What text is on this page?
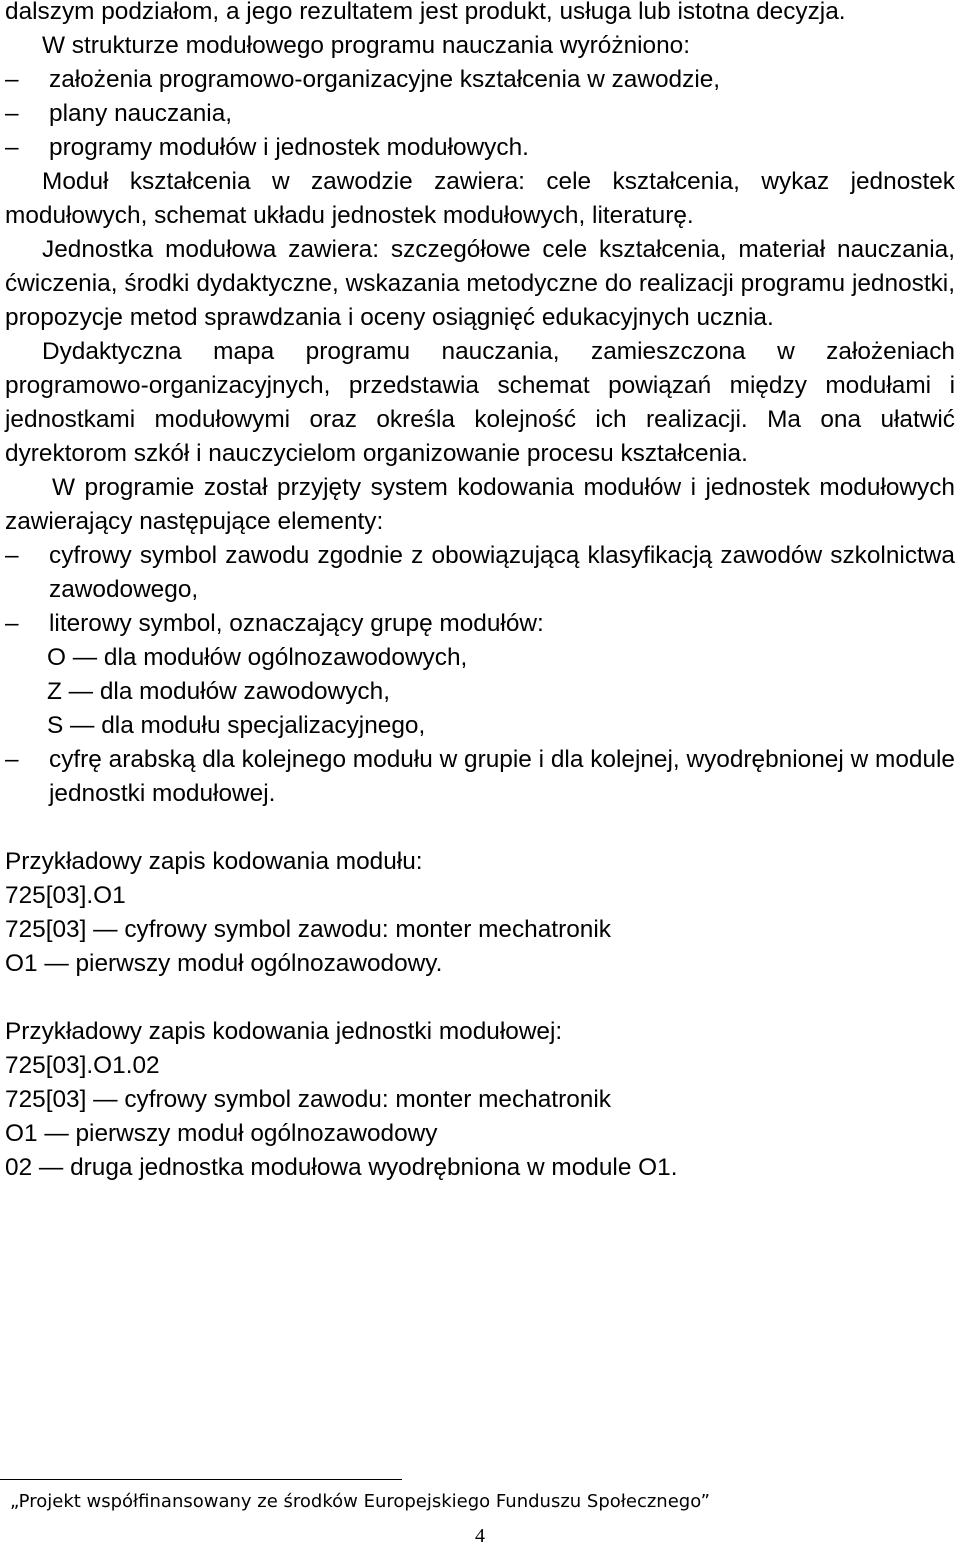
dalszym podziałom, a jego rezultatem jest produkt, usługa lub istotna decyzja.

W strukturze modułowego programu nauczania wyróżniono:

–	założenia programowo-organizacyjne kształcenia w zawodzie,
–	plany nauczania,
–	programy modułów i jednostek modułowych.

Moduł kształcenia w zawodzie zawiera: cele kształcenia, wykaz jednostek modułowych, schemat układu jednostek modułowych, literaturę.

Jednostka modułowa zawiera: szczegółowe cele kształcenia, materiał nauczania, ćwiczenia, środki dydaktyczne, wskazania metodyczne do realizacji programu jednostki, propozycje metod sprawdzania i oceny osiągnięć edukacyjnych ucznia.

Dydaktyczna mapa programu nauczania, zamieszczona w założeniach programowo-organizacyjnych, przedstawia schemat powiązań między modułami i jednostkami modułowymi oraz określa kolejność ich realizacji. Ma ona ułatwić dyrektorom szkół i nauczycielom organizowanie procesu kształcenia.

W programie został przyjęty system kodowania modułów i jednostek modułowych zawierający następujące elementy:

–	cyfrowy symbol zawodu zgodnie z obowiązującą klasyfikacją zawodów szkolnictwa zawodowego,
–	literowy symbol, oznaczający grupę modułów:

O — dla modułów ogólnozawodowych,

Z — dla modułów zawodowych,

S — dla modułu specjalizacyjnego,

–	cyfrę arabską dla kolejnego modułu w grupie i dla kolejnej, wyodrębnionej w module jednostki modułowej.

Przykładowy zapis kodowania modułu:

725[03].O1

725[03] — cyfrowy symbol zawodu: monter mechatronik

O1 — pierwszy moduł ogólnozawodowy.

Przykładowy zapis kodowania jednostki modułowej:

725[03].O1.02

725[03] — cyfrowy symbol zawodu: monter mechatronik

O1 — pierwszy moduł ogólnozawodowy

02 — druga jednostka modułowa wyodrębniona w module O1.

„Projekt współfinansowany ze środków Europejskiego Funduszu Społecznego”
4
